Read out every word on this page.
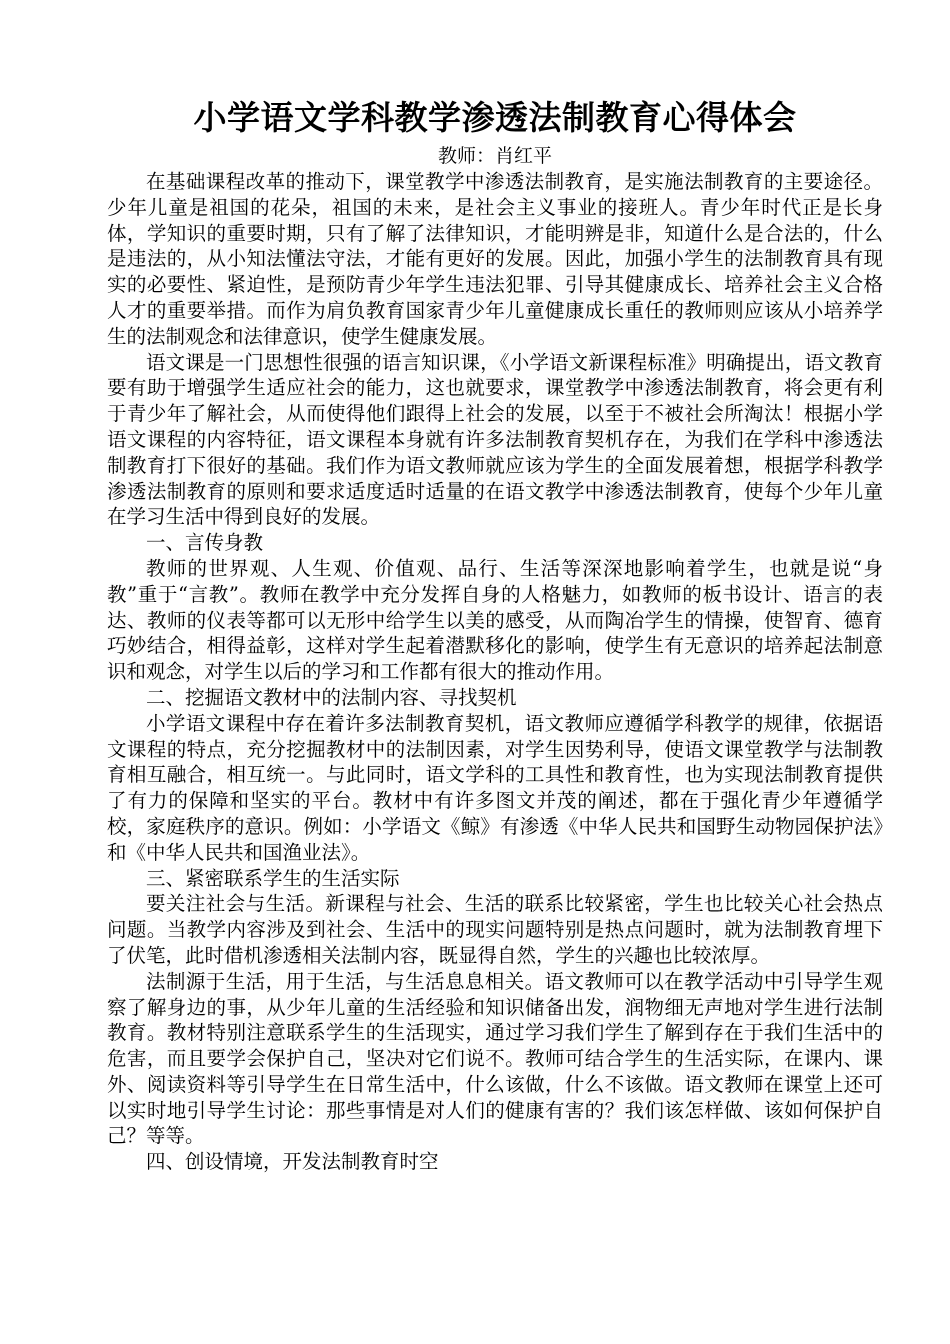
小学语文学科教学渗透法制教育心得体会

教师：肖红平

在基础课程改革的推动下，课堂教学中渗透法制教育，是实施法制教育的主要途径。少年儿童是祖国的花朵，祖国的未来，是社会主义事业的接班人。青少年时代正是长身体，学知识的重要时期，只有了解了法律知识，才能明辨是非，知道什么是合法的，什么是违法的，从小知法懂法守法，才能有更好的发展。因此，加强小学生的法制教育具有现实的必要性、紧迫性，是预防青少年学生违法犯罪、引导其健康成长、培养社会主义合格人才的重要举措。而作为肩负教育国家青少年儿童健康成长重任的教师则应该从小培养学生的法制观念和法律意识，使学生健康发展。

语文课是一门思想性很强的语言知识课，《小学语文新课程标准》明确提出，语文教育要有助于增强学生适应社会的能力，这也就要求，课堂教学中渗透法制教育，将会更有利于青少年了解社会，从而使得他们跟得上社会的发展，以至于不被社会所淘汰！根据小学语文课程的内容特征，语文课程本身就有许多法制教育契机存在，为我们在学科中渗透法制教育打下很好的基础。我们作为语文教师就应该为学生的全面发展着想，根据学科教学渗透法制教育的原则和要求适度适时适量的在语文教学中渗透法制教育，使每个少年儿童在学习生活中得到良好的发展。

一、言传身教

教师的世界观、人生观、价值观、品行、生活等深深地影响着学生，也就是说“身教”重于“言教”。教师在教学中充分发挥自身的人格魅力，如教师的板书设计、语言的表达、教师的仪表等都可以无形中给学生以美的感受，从而陶冶学生的情操，使智育、德育巧妙结合，相得益彰，这样对学生起着潜默移化的影响，使学生有无意识的培养起法制意识和观念，对学生以后的学习和工作都有很大的推动作用。

二、挖掘语文教材中的法制内容、寻找契机

小学语文课程中存在着许多法制教育契机，语文教师应遵循学科教学的规律，依据语文课程的特点，充分挖掘教材中的法制因素，对学生因势利导，使语文课堂教学与法制教育相互融合，相互统一。与此同时，语文学科的工具性和教育性，也为实现法制教育提供了有力的保障和坚实的平台。教材中有许多图文并茂的阐述，都在于强化青少年遵循学校，家庭秩序的意识。例如：小学语文《鲸》有渗透《中华人民共和国野生动物园保护法》和《中华人民共和国渔业法》。

三、紧密联系学生的生活实际

要关注社会与生活。新课程与社会、生活的联系比较紧密，学生也比较关心社会热点问题。当教学内容涉及到社会、生活中的现实问题特别是热点问题时，就为法制教育埋下了伏笔，此时借机渗透相关法制内容，既显得自然，学生的兴趣也比较浓厚。

法制源于生活，用于生活，与生活息息相关。语文教师可以在教学活动中引导学生观察了解身边的事，从少年儿童的生活经验和知识储备出发，润物细无声地对学生进行法制教育。教材特别注意联系学生的生活现实，通过学习我们学生了解到存在于我们生活中的危害，而且要学会保护自己，坚决对它们说不。教师可结合学生的生活实际，在课内、课外、阅读资料等引导学生在日常生活中，什么该做，什么不该做。语文教师在课堂上还可以实时地引导学生讨论：那些事情是对人们的健康有害的？我们该怎样做、该如何保护自己？等等。

四、创设情境，开发法制教育时空
